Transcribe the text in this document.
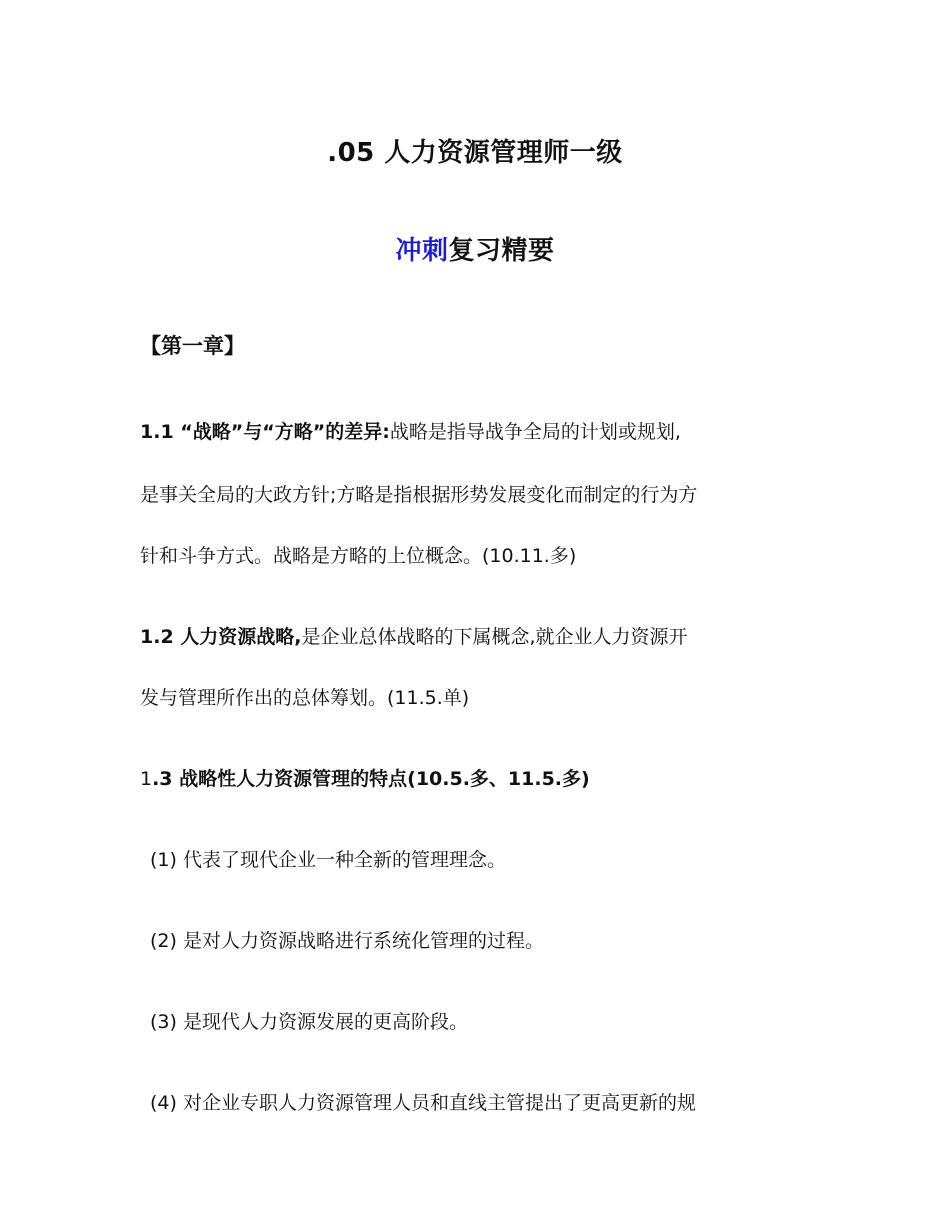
.05 人力资源管理师一级
冲刺复习精要
【第一章】
1.1 “战略”与“方略”的差异:战略是指导战争全局的计划或规划,
是事关全局的大政方针;方略是指根据形势发展变化而制定的行为方
针和斗争方式。战略是方略的上位概念。(10.11.多)
1.2 人力资源战略,是企业总体战略的下属概念,就企业人力资源开
发与管理所作出的总体筹划。(11.5.单)
1.3 战略性人力资源管理的特点(10.5.多、11.5.多)
(1) 代表了现代企业一种全新的管理理念。
(2) 是对人力资源战略进行系统化管理的过程。
(3) 是现代人力资源发展的更高阶段。
(4) 对企业专职人力资源管理人员和直线主管提出了更高更新的规
